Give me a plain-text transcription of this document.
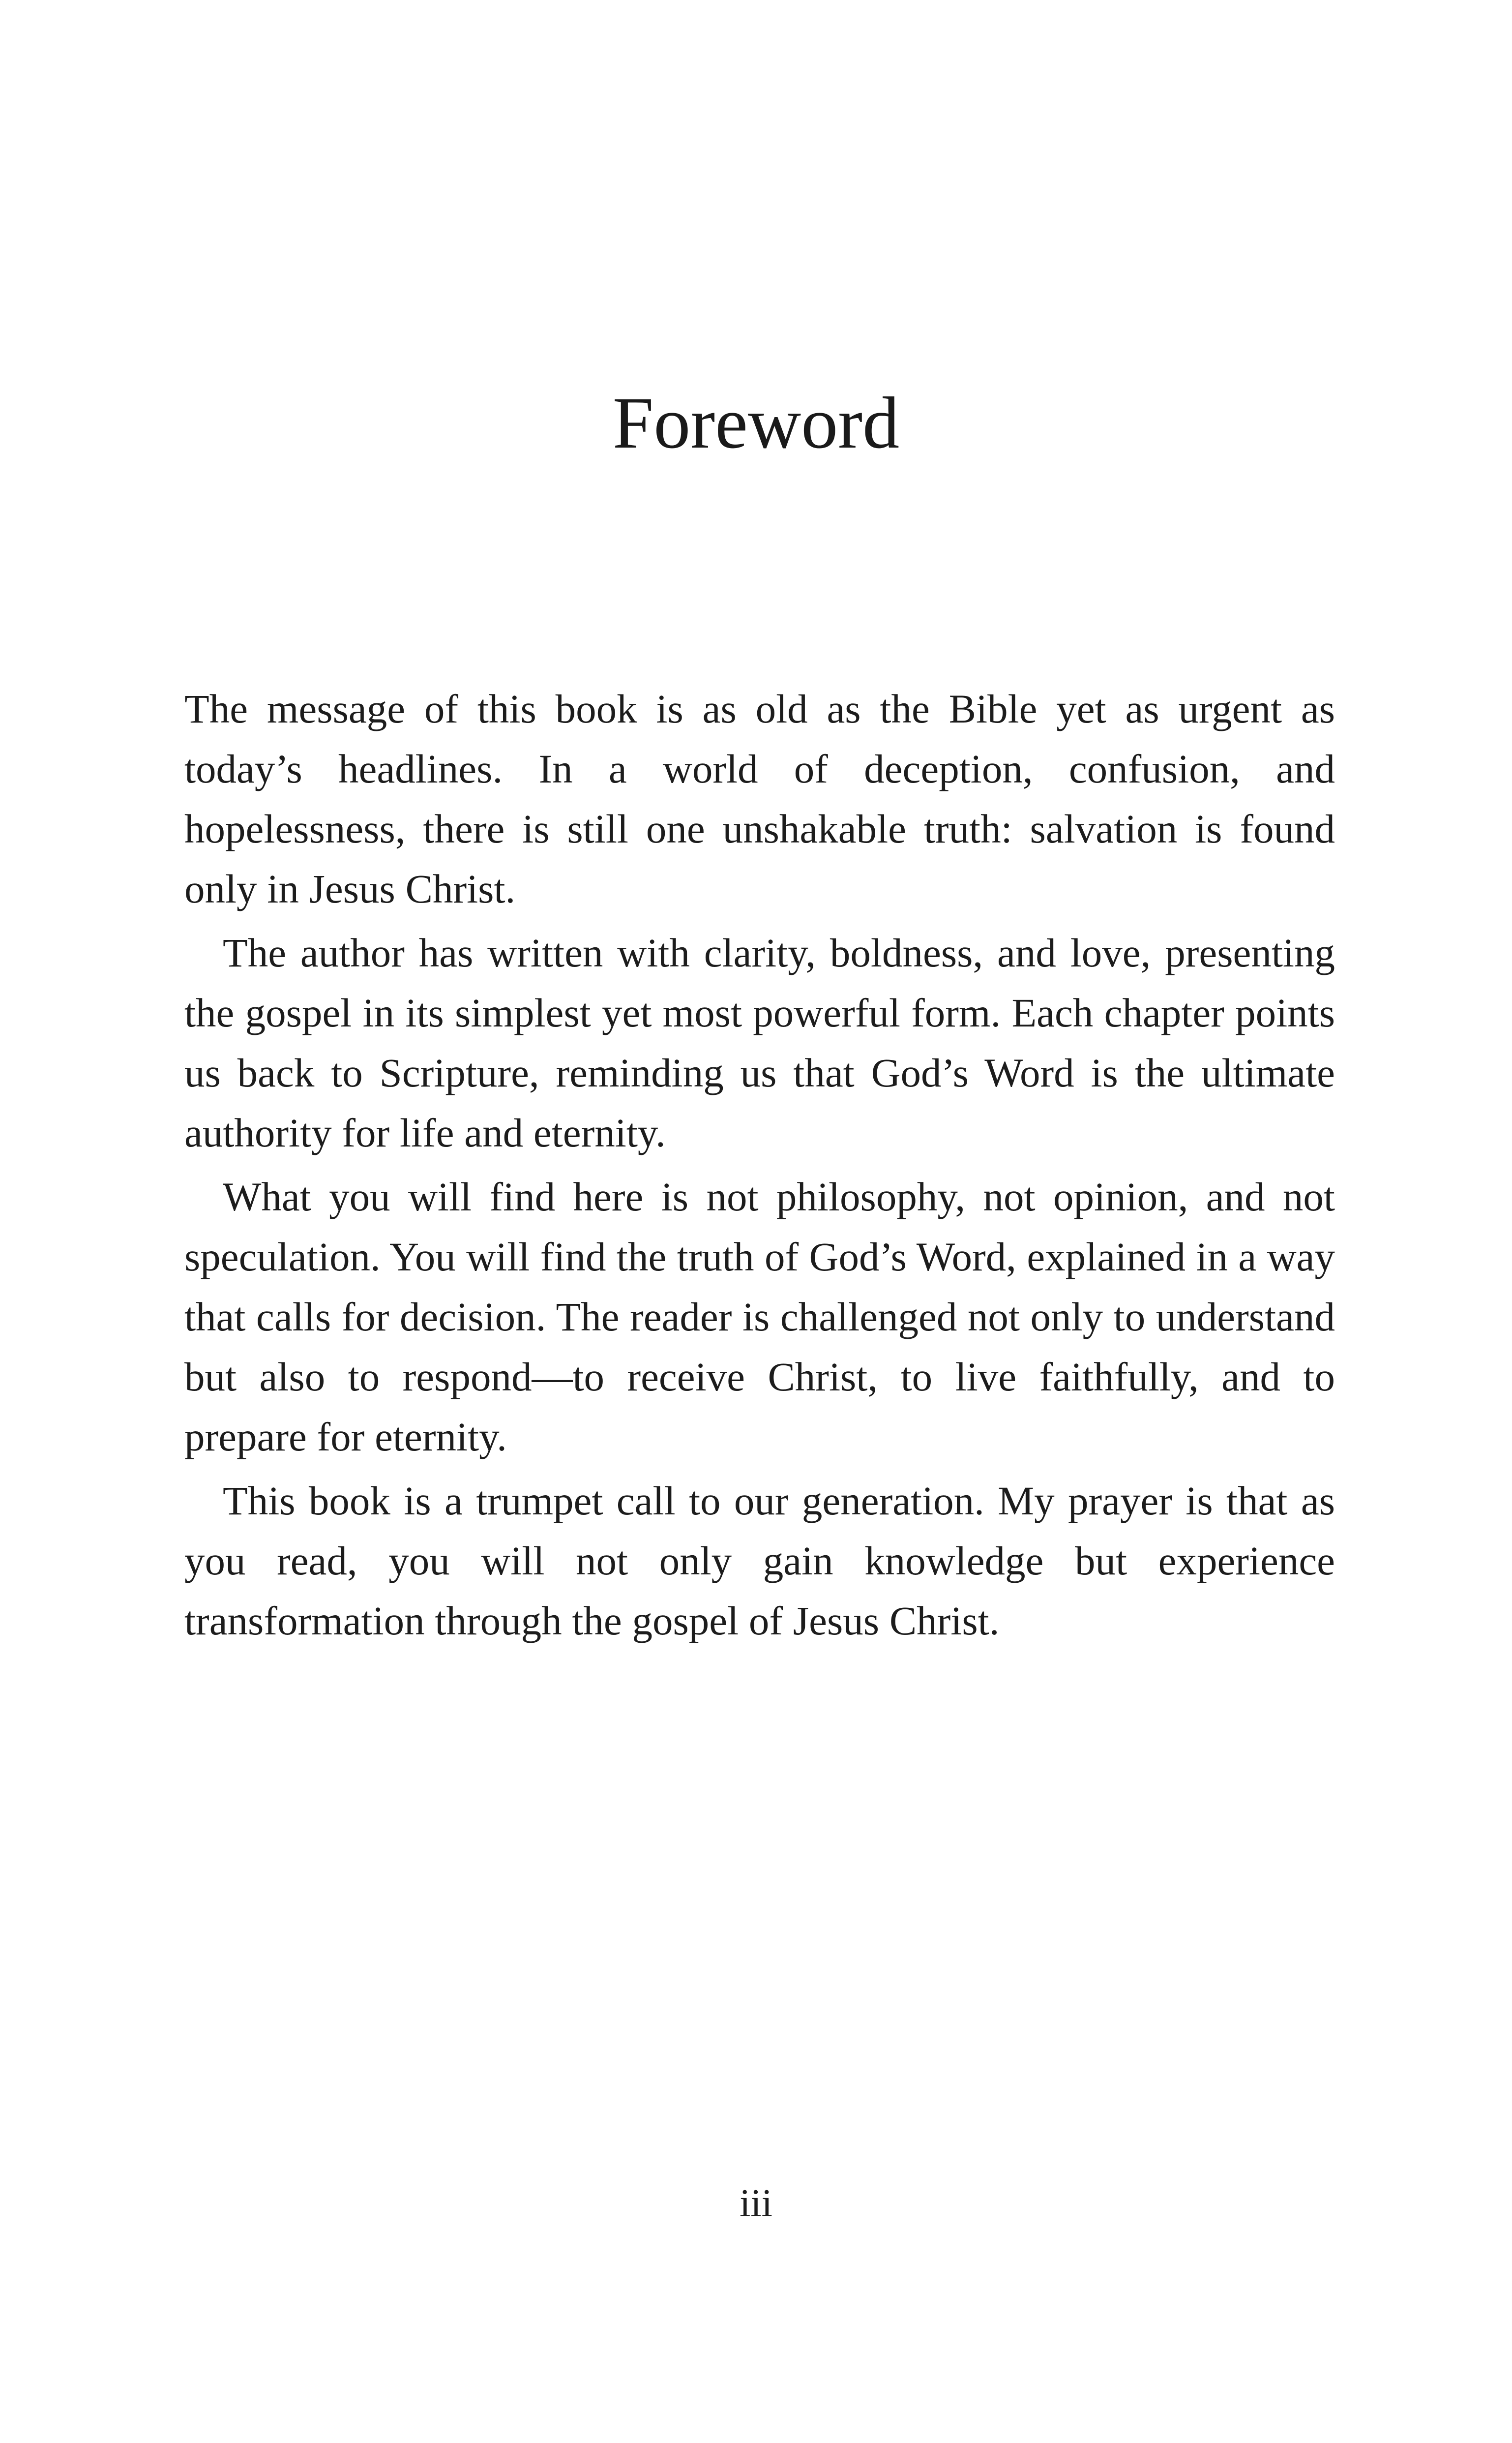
Foreword

The message of this book is as old as the Bible yet as urgent as today’s headlines. In a world of deception, confusion, and hopelessness, there is still one unshakable truth: salvation is found only in Jesus Christ.

The author has written with clarity, boldness, and love, presenting the gospel in its simplest yet most powerful form. Each chapter points us back to Scripture, reminding us that God’s Word is the ultimate authority for life and eternity.

What you will find here is not philosophy, not opinion, and not speculation. You will find the truth of God’s Word, explained in a way that calls for decision. The reader is challenged not only to understand but also to respond—to receive Christ, to live faithfully, and to prepare for eternity.

This book is a trumpet call to our generation. My prayer is that as you read, you will not only gain knowledge but experience transformation through the gospel of Jesus Christ.

iii
